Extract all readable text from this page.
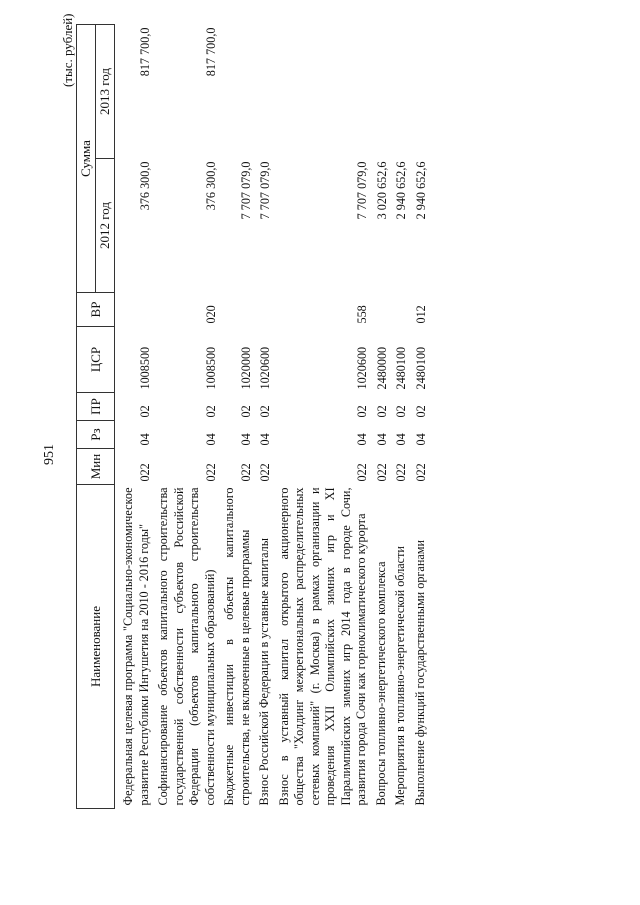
951
(тыс. рублей)
Наименование	Мин	Рз	ПР	ЦСР	ВР	Сумма	
						2012 год	2013 год
Федеральная целевая программа "Социально-экономическое развитие Республики Ингушетия на 2010 - 2016 годы"	022	04	02	1008500		376 300,0	817 700,0
Софинансирование объектов капитального строительства государственной собственности субъектов Российской Федерации (объектов капитального строительства собственности муниципальных образований)	022	04	02	1008500	020	376 300,0	817 700,0
Бюджетные инвестиции в объекты капитального строительства, не включенные в целевые программы	022	04	02	1020000		7 707 079,0	
Взнос Российской Федерации в уставные капиталы	022	04	02	1020600		7 707 079,0	
Взнос в уставный капитал открытого акционерного общества "Холдинг межрегиональных распределительных сетевых компаний" (г. Москва) в рамках организации и проведения XXII Олимпийских зимних игр и XI Паралимпийских зимних игр 2014 года в городе Сочи, развития города Сочи как горноклиматического курорта	022	04	02	1020600	558	7 707 079,0	
Вопросы топливно-энергетического комплекса	022	04	02	2480000		3 020 652,6	
Мероприятия в топливно-энергетической области	022	04	02	2480100		2 940 652,6	
Выполнение функций государственными органами	022	04	02	2480100	012	2 940 652,6	
